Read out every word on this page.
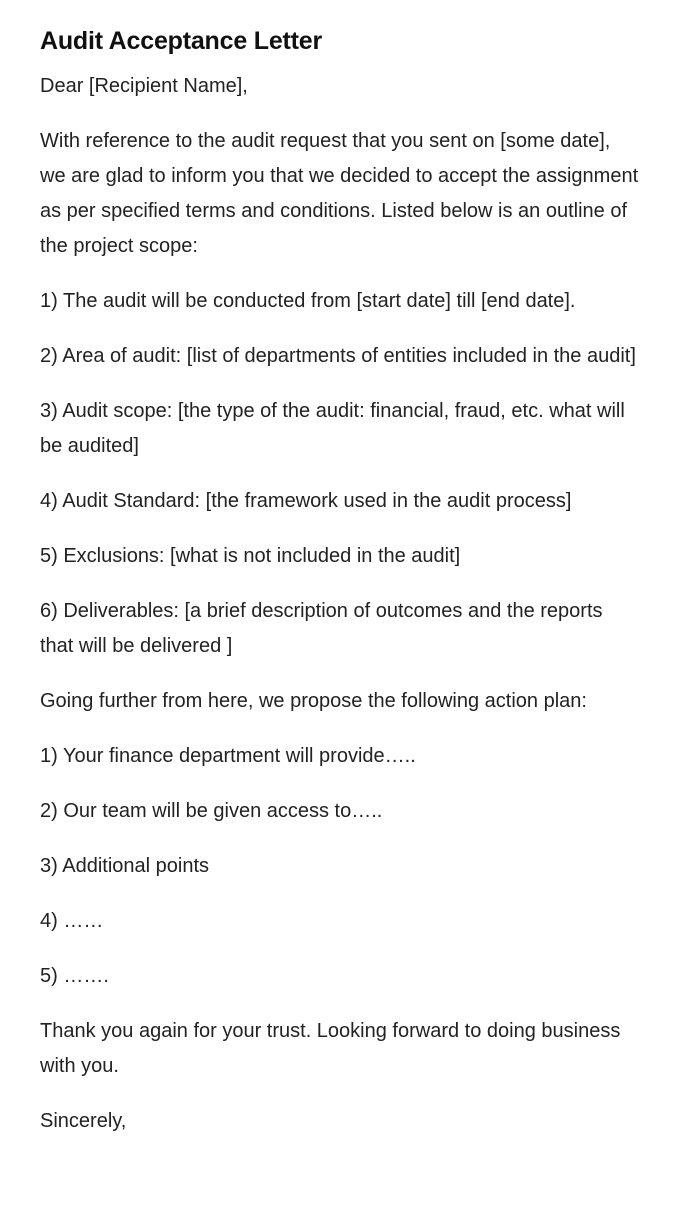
Audit Acceptance Letter

Dear [Recipient Name],

With reference to the audit request that you sent on [some date], we are glad to inform you that we decided to accept the assignment as per specified terms and conditions. Listed below is an outline of the project scope:

1) The audit will be conducted from [start date] till [end date].

2) Area of audit: [list of departments of entities included in the audit]

3) Audit scope: [the type of the audit: financial, fraud, etc. what will be audited]

4) Audit Standard: [the framework used in the audit process]

5) Exclusions: [what is not included in the audit]

6) Deliverables: [a brief description of outcomes and the reports that will be delivered ]

Going further from here, we propose the following action plan:

1) Your finance department will provide…..

2) Our team will be given access to…..

3) Additional points

4) ……

5) …….

Thank you again for your trust. Looking forward to doing business with you.

Sincerely,
